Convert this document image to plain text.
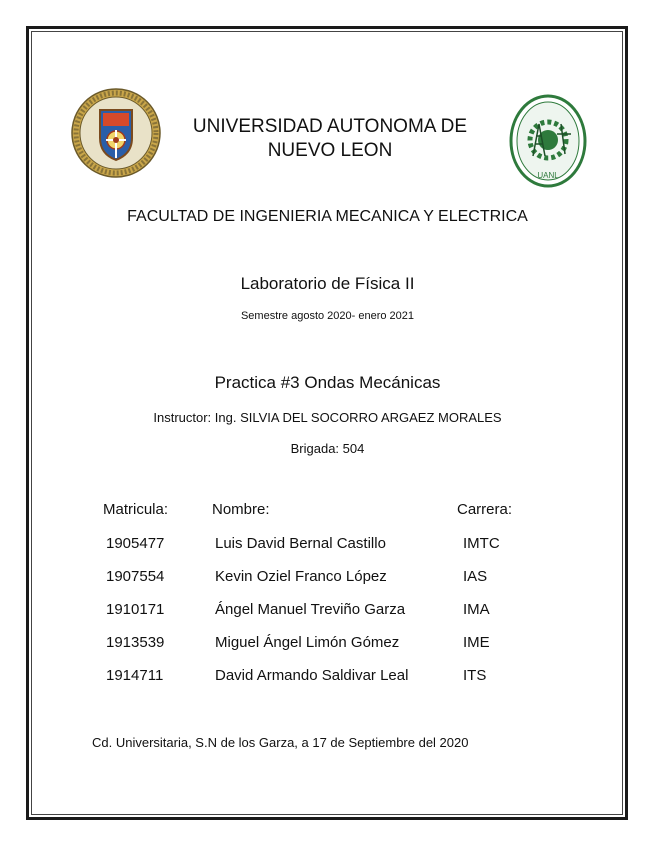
UANL
UNIVERSIDAD AUTONOMA DE
NUEVO LEON
FACULTAD DE INGENIERIA MECANICA Y ELECTRICA
Laboratorio de Física II
Semestre agosto 2020- enero 2021
Practica #3 Ondas Mecánicas
Instructor: Ing. SILVIA DEL SOCORRO ARGAEZ MORALES
Brigada: 504
Matricula:	Nombre:	Carrera:
1905477	Luis David Bernal Castillo	IMTC
1907554	Kevin Oziel Franco López	IAS
1910171	Ángel Manuel Treviño Garza	IMA
1913539	Miguel Ángel Limón Gómez	IME
1914711	David Armando Saldivar Leal	ITS
Cd. Universitaria, S.N de los Garza, a 17 de Septiembre del 2020
